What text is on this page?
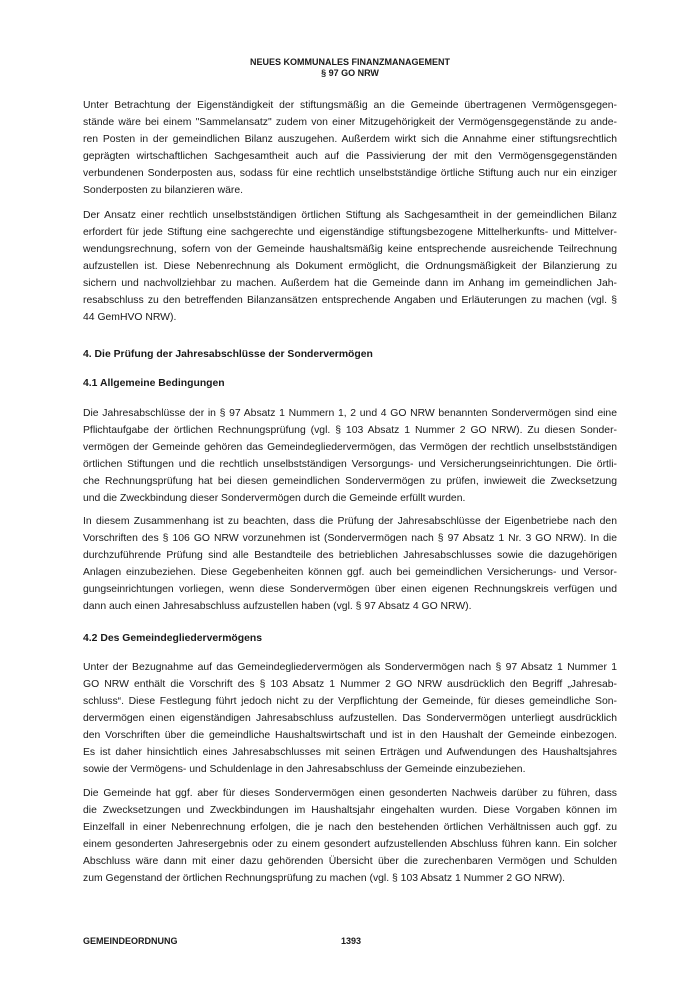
NEUES KOMMUNALES FINANZMANAGEMENT
§ 97 GO NRW
Unter Betrachtung der Eigenständigkeit der stiftungsmäßig an die Gemeinde übertragenen Vermögensgegen-
stände wäre bei einem "Sammelansatz" zudem von einer Mitzugehörigkeit der Vermögensgegenstände zu ande-
ren Posten in der gemeindlichen Bilanz auszugehen. Außerdem wirkt sich die Annahme einer stiftungsrechtlich
geprägten wirtschaftlichen Sachgesamtheit auch auf die Passivierung der mit den Vermögensgegenständen
verbundenen Sonderposten aus, sodass für eine rechtlich unselbstständige örtliche Stiftung auch nur ein einziger
Sonderposten zu bilanzieren wäre.
Der Ansatz einer rechtlich unselbstständigen örtlichen Stiftung als Sachgesamtheit in der gemeindlichen Bilanz
erfordert für jede Stiftung eine sachgerechte und eigenständige stiftungsbezogene Mittelherkunfts- und Mittelver-
wendungsrechnung, sofern von der Gemeinde haushaltsmäßig keine entsprechende ausreichende Teilrechnung
aufzustellen ist. Diese Nebenrechnung als Dokument ermöglicht, die Ordnungsmäßigkeit der Bilanzierung zu
sichern und nachvollziehbar zu machen. Außerdem hat die Gemeinde dann im Anhang im gemeindlichen Jah-
resabschluss zu den betreffenden Bilanzansätzen entsprechende Angaben und Erläuterungen zu machen (vgl. §
44 GemHVO NRW).
4. Die Prüfung der Jahresabschlüsse der Sondervermögen
4.1 Allgemeine Bedingungen
Die Jahresabschlüsse der in § 97 Absatz 1 Nummern 1, 2 und 4 GO NRW benannten Sondervermögen sind eine
Pflichtaufgabe der örtlichen Rechnungsprüfung (vgl. § 103 Absatz 1 Nummer 2 GO NRW). Zu diesen Sonder-
vermögen der Gemeinde gehören das Gemeindegliedervermögen, das Vermögen der rechtlich unselbstständigen
örtlichen Stiftungen und die rechtlich unselbstständigen Versorgungs- und Versicherungseinrichtungen. Die örtli-
che Rechnungsprüfung hat bei diesen gemeindlichen Sondervermögen zu prüfen, inwieweit die Zwecksetzung
und die Zweckbindung dieser Sondervermögen durch die Gemeinde erfüllt wurden.
In diesem Zusammenhang ist zu beachten, dass die Prüfung der Jahresabschlüsse der Eigenbetriebe nach den
Vorschriften des § 106 GO NRW vorzunehmen ist (Sondervermögen nach § 97 Absatz 1 Nr. 3 GO NRW). In die
durchzuführende Prüfung sind alle Bestandteile des betrieblichen Jahresabschlusses sowie die dazugehörigen
Anlagen einzubeziehen. Diese Gegebenheiten können ggf. auch bei gemeindlichen Versicherungs- und Versor-
gungseinrichtungen vorliegen, wenn diese Sondervermögen über einen eigenen Rechnungskreis verfügen und
dann auch einen Jahresabschluss aufzustellen haben (vgl. § 97 Absatz 4 GO NRW).
4.2 Des Gemeindegliedervermögens
Unter der Bezugnahme auf das Gemeindegliedervermögen als Sondervermögen nach § 97 Absatz 1 Nummer 1
GO NRW enthält die Vorschrift des § 103 Absatz 1 Nummer 2 GO NRW ausdrücklich den Begriff „Jahresab-
schluss“. Diese Festlegung führt jedoch nicht zu der Verpflichtung der Gemeinde, für dieses gemeindliche Son-
dervermögen einen eigenständigen Jahresabschluss aufzustellen. Das Sondervermögen unterliegt ausdrücklich
den Vorschriften über die gemeindliche Haushaltswirtschaft und ist in den Haushalt der Gemeinde einbezogen.
Es ist daher hinsichtlich eines Jahresabschlusses mit seinen Erträgen und Aufwendungen des Haushaltsjahres
sowie der Vermögens- und Schuldenlage in den Jahresabschluss der Gemeinde einzubeziehen.
Die Gemeinde hat ggf. aber für dieses Sondervermögen einen gesonderten Nachweis darüber zu führen, dass
die Zwecksetzungen und Zweckbindungen im Haushaltsjahr eingehalten wurden. Diese Vorgaben können im
Einzelfall in einer Nebenrechnung erfolgen, die je nach den bestehenden örtlichen Verhältnissen auch ggf. zu
einem gesonderten Jahresergebnis oder zu einem gesondert aufzustellenden Abschluss führen kann. Ein solcher
Abschluss wäre dann mit einer dazu gehörenden Übersicht über die zurechenbaren Vermögen und Schulden
zum Gegenstand der örtlichen Rechnungsprüfung zu machen (vgl. § 103 Absatz 1 Nummer 2 GO NRW).
GEMEINDEORDNUNG	1393
